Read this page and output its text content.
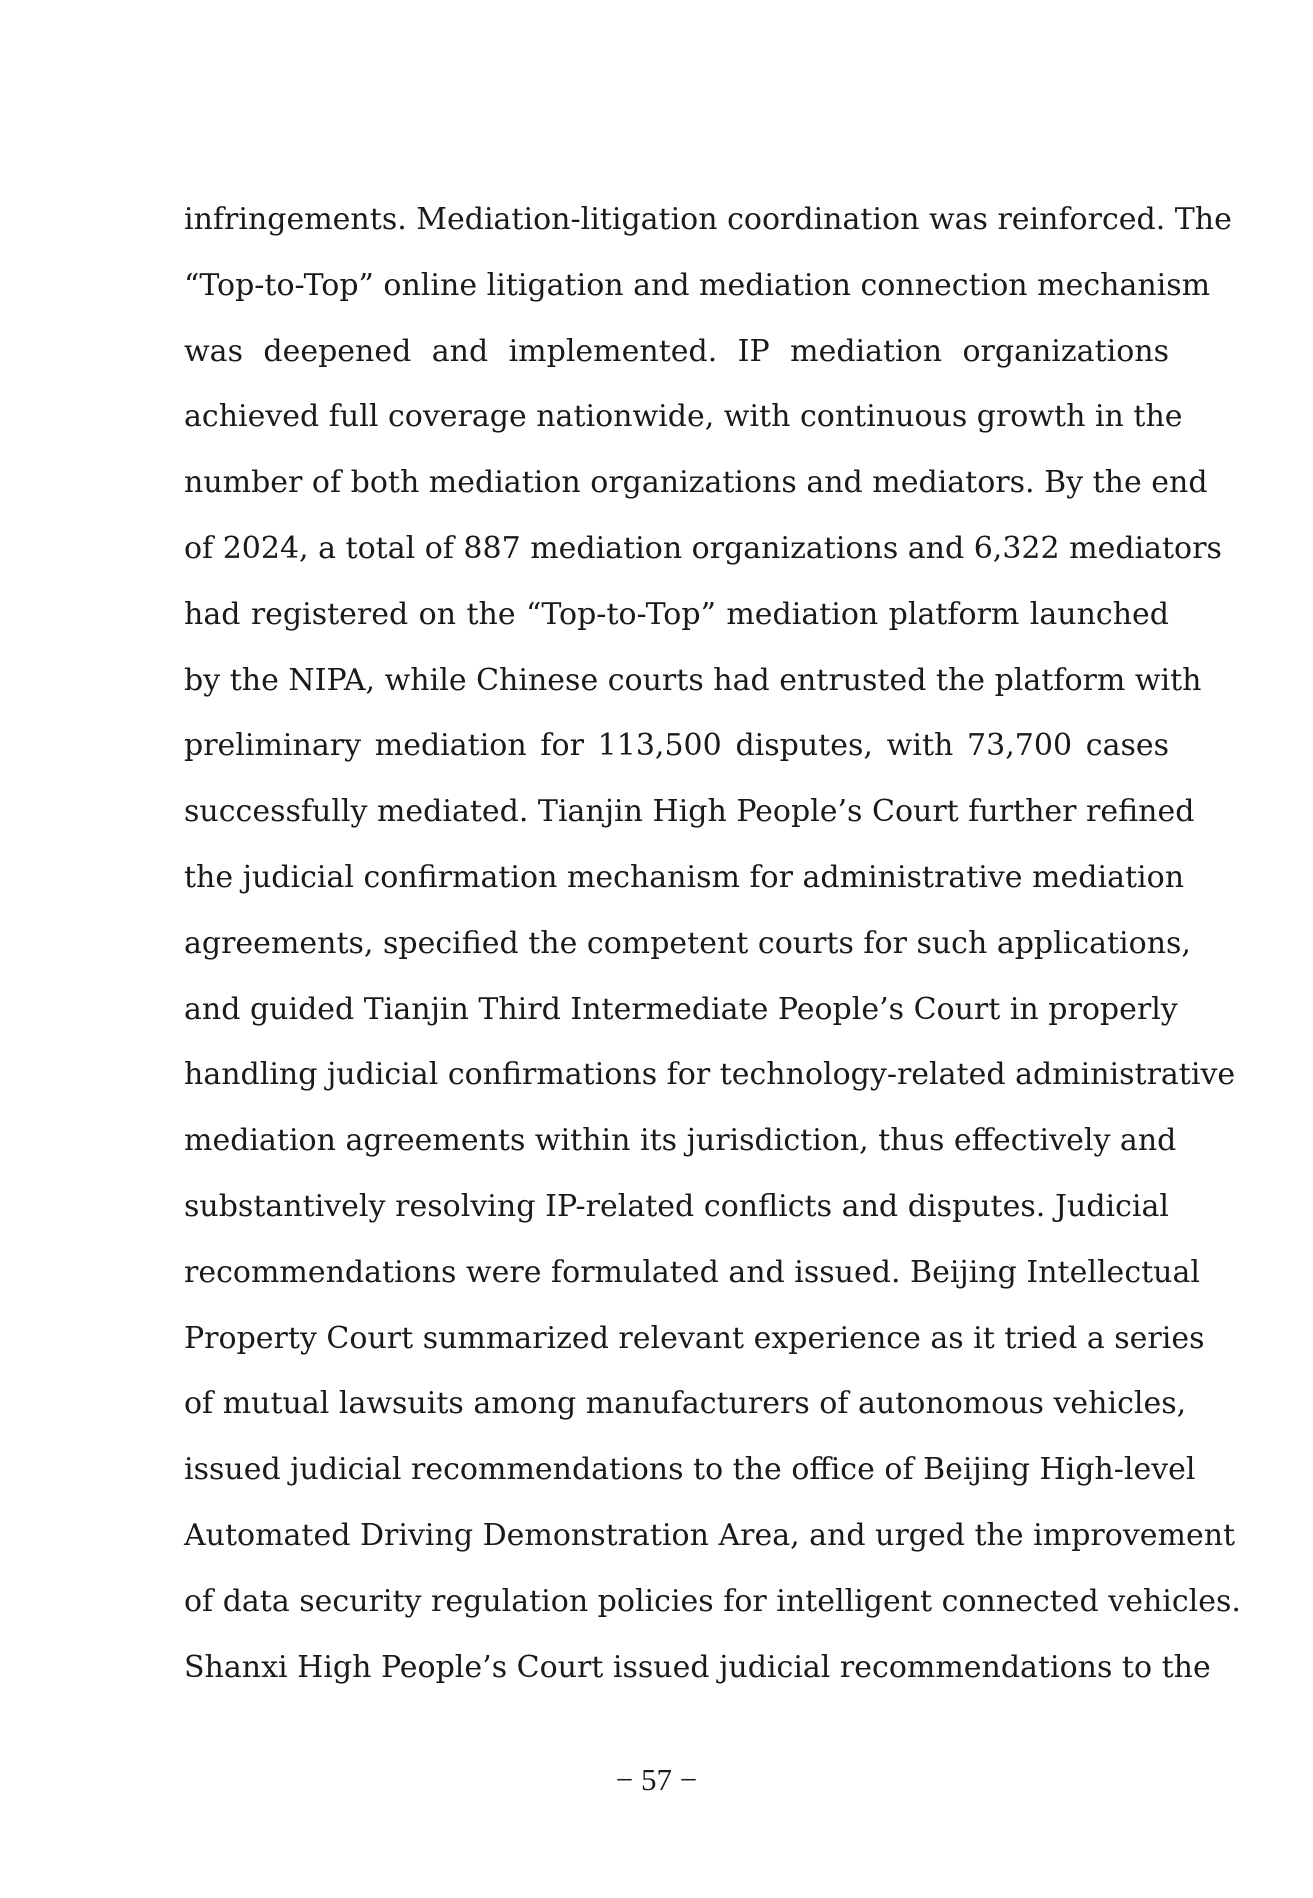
infringements. Mediation-litigation coordination was reinforced. The
“Top-to-Top” online litigation and mediation connection mechanism
was deepened and implemented. IP mediation organizations
achieved full coverage nationwide, with continuous growth in the
number of both mediation organizations and mediators. By the end
of 2024, a total of 887 mediation organizations and 6,322 mediators
had registered on the “Top-to-Top” mediation platform launched
by the NIPA, while Chinese courts had entrusted the platform with
preliminary mediation for 113,500 disputes, with 73,700 cases
successfully mediated. Tianjin High People’s Court further refined
the judicial confirmation mechanism for administrative mediation
agreements, specified the competent courts for such applications,
and guided Tianjin Third Intermediate People’s Court in properly
handling judicial confirmations for technology-related administrative
mediation agreements within its jurisdiction, thus effectively and
substantively resolving IP-related conflicts and disputes. Judicial
recommendations were formulated and issued. Beijing Intellectual
Property Court summarized relevant experience as it tried a series
of mutual lawsuits among manufacturers of autonomous vehicles,
issued judicial recommendations to the office of Beijing High-level
Automated Driving Demonstration Area, and urged the improvement
of data security regulation policies for intelligent connected vehicles.
Shanxi High People’s Court issued judicial recommendations to the
− 57 −
